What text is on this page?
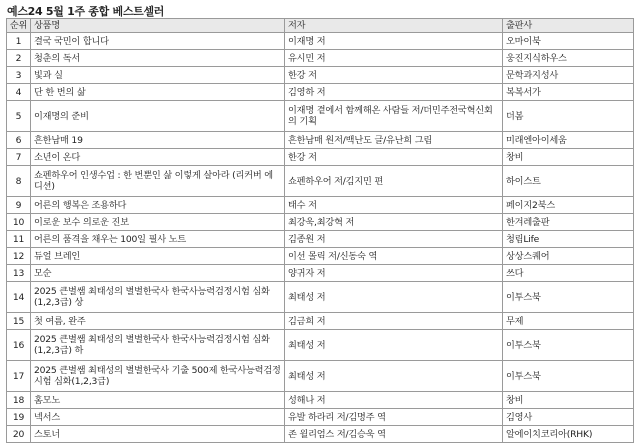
예스24 5월 1주 종합 베스트셀러
순위	상품명	저자	출판사
1	결국 국민이 합니다	이재명 저	오마이북
2	청춘의 독서	유시민 저	웅진지식하우스
3	빛과 실	한강 저	문학과지성사
4	단 한 번의 삶	김영하 저	복복서가
5	이재명의 준비	이재명 곁에서 함께해온 사람들 저/더민주전국혁신회의 기획	더봄
6	흔한남매 19	흔한남매 원저/백난도 글/유난희 그림	미래엔아이세움
7	소년이 온다	한강 저	창비
8	쇼펜하우어 인생수업 : 한 번뿐인 삶 이렇게 살아라 (리커버 에디션)	쇼펜하우어 저/김지민 편	하이스트
9	어른의 행복은 조용하다	태수 저	페이지2북스
10	이로운 보수 의로운 진보	최강욱,최강혁 저	한겨레출판
11	어른의 품격을 채우는 100일 필사 노트	김종원 저	청림Life
12	듀얼 브레인	이선 몰릭 저/신동숙 역	상상스퀘어
13	모순	양귀자 저	쓰다
14	2025 큰별쌤 최태성의 별별한국사 한국사능력검정시험 심화(1,2,3급) 상	최태성 저	이투스북
15	첫 여름, 완주	김금희 저	무제
16	2025 큰별쌤 최태성의 별별한국사 한국사능력검정시험 심화(1,2,3급) 하	최태성 저	이투스북
17	2025 큰별쌤 최태성의 별별한국사 기출 500제 한국사능력검정시험 심화(1,2,3급)	최태성 저	이투스북
18	홈모노	성해나 저	창비
19	넥서스	유발 하라리 저/김명주 역	김영사
20	스토너	존 윌리엄스 저/김승욱 역	알에이치코리아(RHK)
